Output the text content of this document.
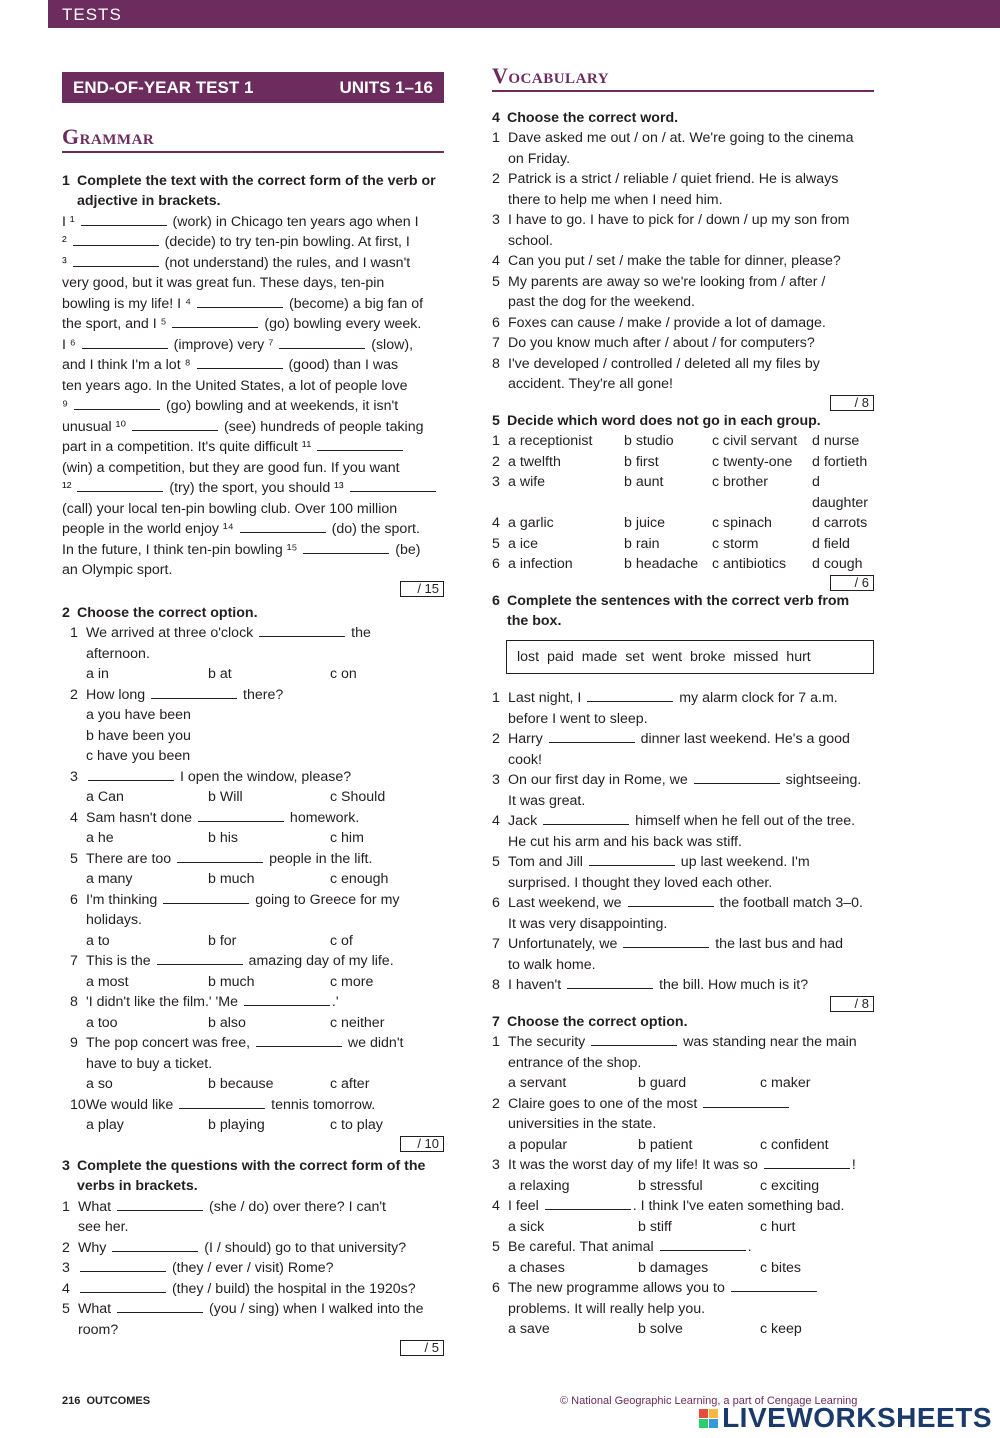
TESTS
END-OF-YEAR TEST 1	UNITS 1–16
Grammar
1 Complete the text with the correct form of the verb or adjective in brackets.
I ¹	(work) in Chicago ten years ago when I
²	(decide) to try ten-pin bowling. At first, I
³	(not understand) the rules, and I wasn't
very good, but it was great fun. These days, ten-pin
bowling is my life! I ⁴	(become) a big fan of
the sport, and I ⁵	(go) bowling every week.
I ⁶	(improve) very ⁷	(slow),
and I think I'm a lot ⁸	(good) than I was
ten years ago. In the United States, a lot of people love
⁹	(go) bowling and at weekends, it isn't
unusual ¹⁰	(see) hundreds of people taking
part in a competition. It's quite difficult ¹¹
(win) a competition, but they are good fun. If you want
¹²	(try) the sport, you should ¹³
(call) your local ten-pin bowling club. Over 100 million
people in the world enjoy ¹⁴	(do) the sport.
In the future, I think ten-pin bowling ¹⁵	(be)
an Olympic sport.
/ 15
2 Choose the correct option.
1 We arrived at three o'clock	the
afternoon.
a in	b at	c on
2 How long	there?
a you have been
b have been you
c have you been
3	I open the window, please?
a Can	b Will	c Should
4 Sam hasn't done	homework.
a he	b his	c him
5 There are too	people in the lift.
a many	b much	c enough
6 I'm thinking	going to Greece for my
holidays.
a to	b for	c of
7 This is the	amazing day of my life.
a most	b much	c more
8 'I didn't like the film.' 'Me	.'
a too	b also	c neither
9 The pop concert was free,	we didn't
have to buy a ticket.
a so	b because	c after
10 We would like	tennis tomorrow.
a play	b playing	c to play
/ 10
3 Complete the questions with the correct form of the verbs in brackets.
1 What	(she / do) over there? I can't
see her.
2 Why	(I / should) go to that university?
3	(they / ever / visit) Rome?
4	(they / build) the hospital in the 1920s?
5 What	(you / sing) when I walked into the
room?
/ 5
Vocabulary
4 Choose the correct word.
1 Dave asked me out / on / at. We're going to the cinema
on Friday.
2 Patrick is a strict / reliable / quiet friend. He is always
there to help me when I need him.
3 I have to go. I have to pick for / down / up my son from
school.
4 Can you put / set / make the table for dinner, please?
5 My parents are away so we're looking from / after /
past the dog for the weekend.
6 Foxes can cause / make / provide a lot of damage.
7 Do you know much after / about / for computers?
8 I've developed / controlled / deleted all my files by
accident. They're all gone!
/ 8
5 Decide which word does not go in each group.
1 a receptionist	b studio	c civil servant	d nurse
2 a twelfth	b first	c twenty-one	d fortieth
3 a wife	b aunt	c brother	d daughter
4 a garlic	b juice	c spinach	d carrots
5 a ice	b rain	c storm	d field
6 a infection	b headache c antibiotics	d cough
/ 6
6 Complete the sentences with the correct verb from the box.
lost paid made set went broke missed hurt
1 Last night, I	my alarm clock for 7 a.m.
before I went to sleep.
2 Harry	dinner last weekend. He's a good
cook!
3 On our first day in Rome, we	sightseeing.
It was great.
4 Jack	himself when he fell out of the tree.
He cut his arm and his back was stiff.
5 Tom and Jill	up last weekend. I'm
surprised. I thought they loved each other.
6 Last weekend, we	the football match 3–0.
It was very disappointing.
7 Unfortunately, we	the last bus and had
to walk home.
8 I haven't	the bill. How much is it?
/ 8
7 Choose the correct option.
1 The security	was standing near the main
entrance of the shop.
a servant	b guard	c maker
2 Claire goes to one of the most
universities in the state.
a popular	b patient	c confident
3 It was the worst day of my life! It was so	!
a relaxing	b stressful	c exciting
4 I feel	. I think I've eaten something bad.
a sick	b stiff	c hurt
5 Be careful. That animal	.
a chases	b damages	c bites
6 The new programme allows you to
problems. It will really help you.
a save	b solve	c keep
216 OUTCOMES	© National Geographic Learning, a part of Cengage Learning
LIVEWORKSHEETS
